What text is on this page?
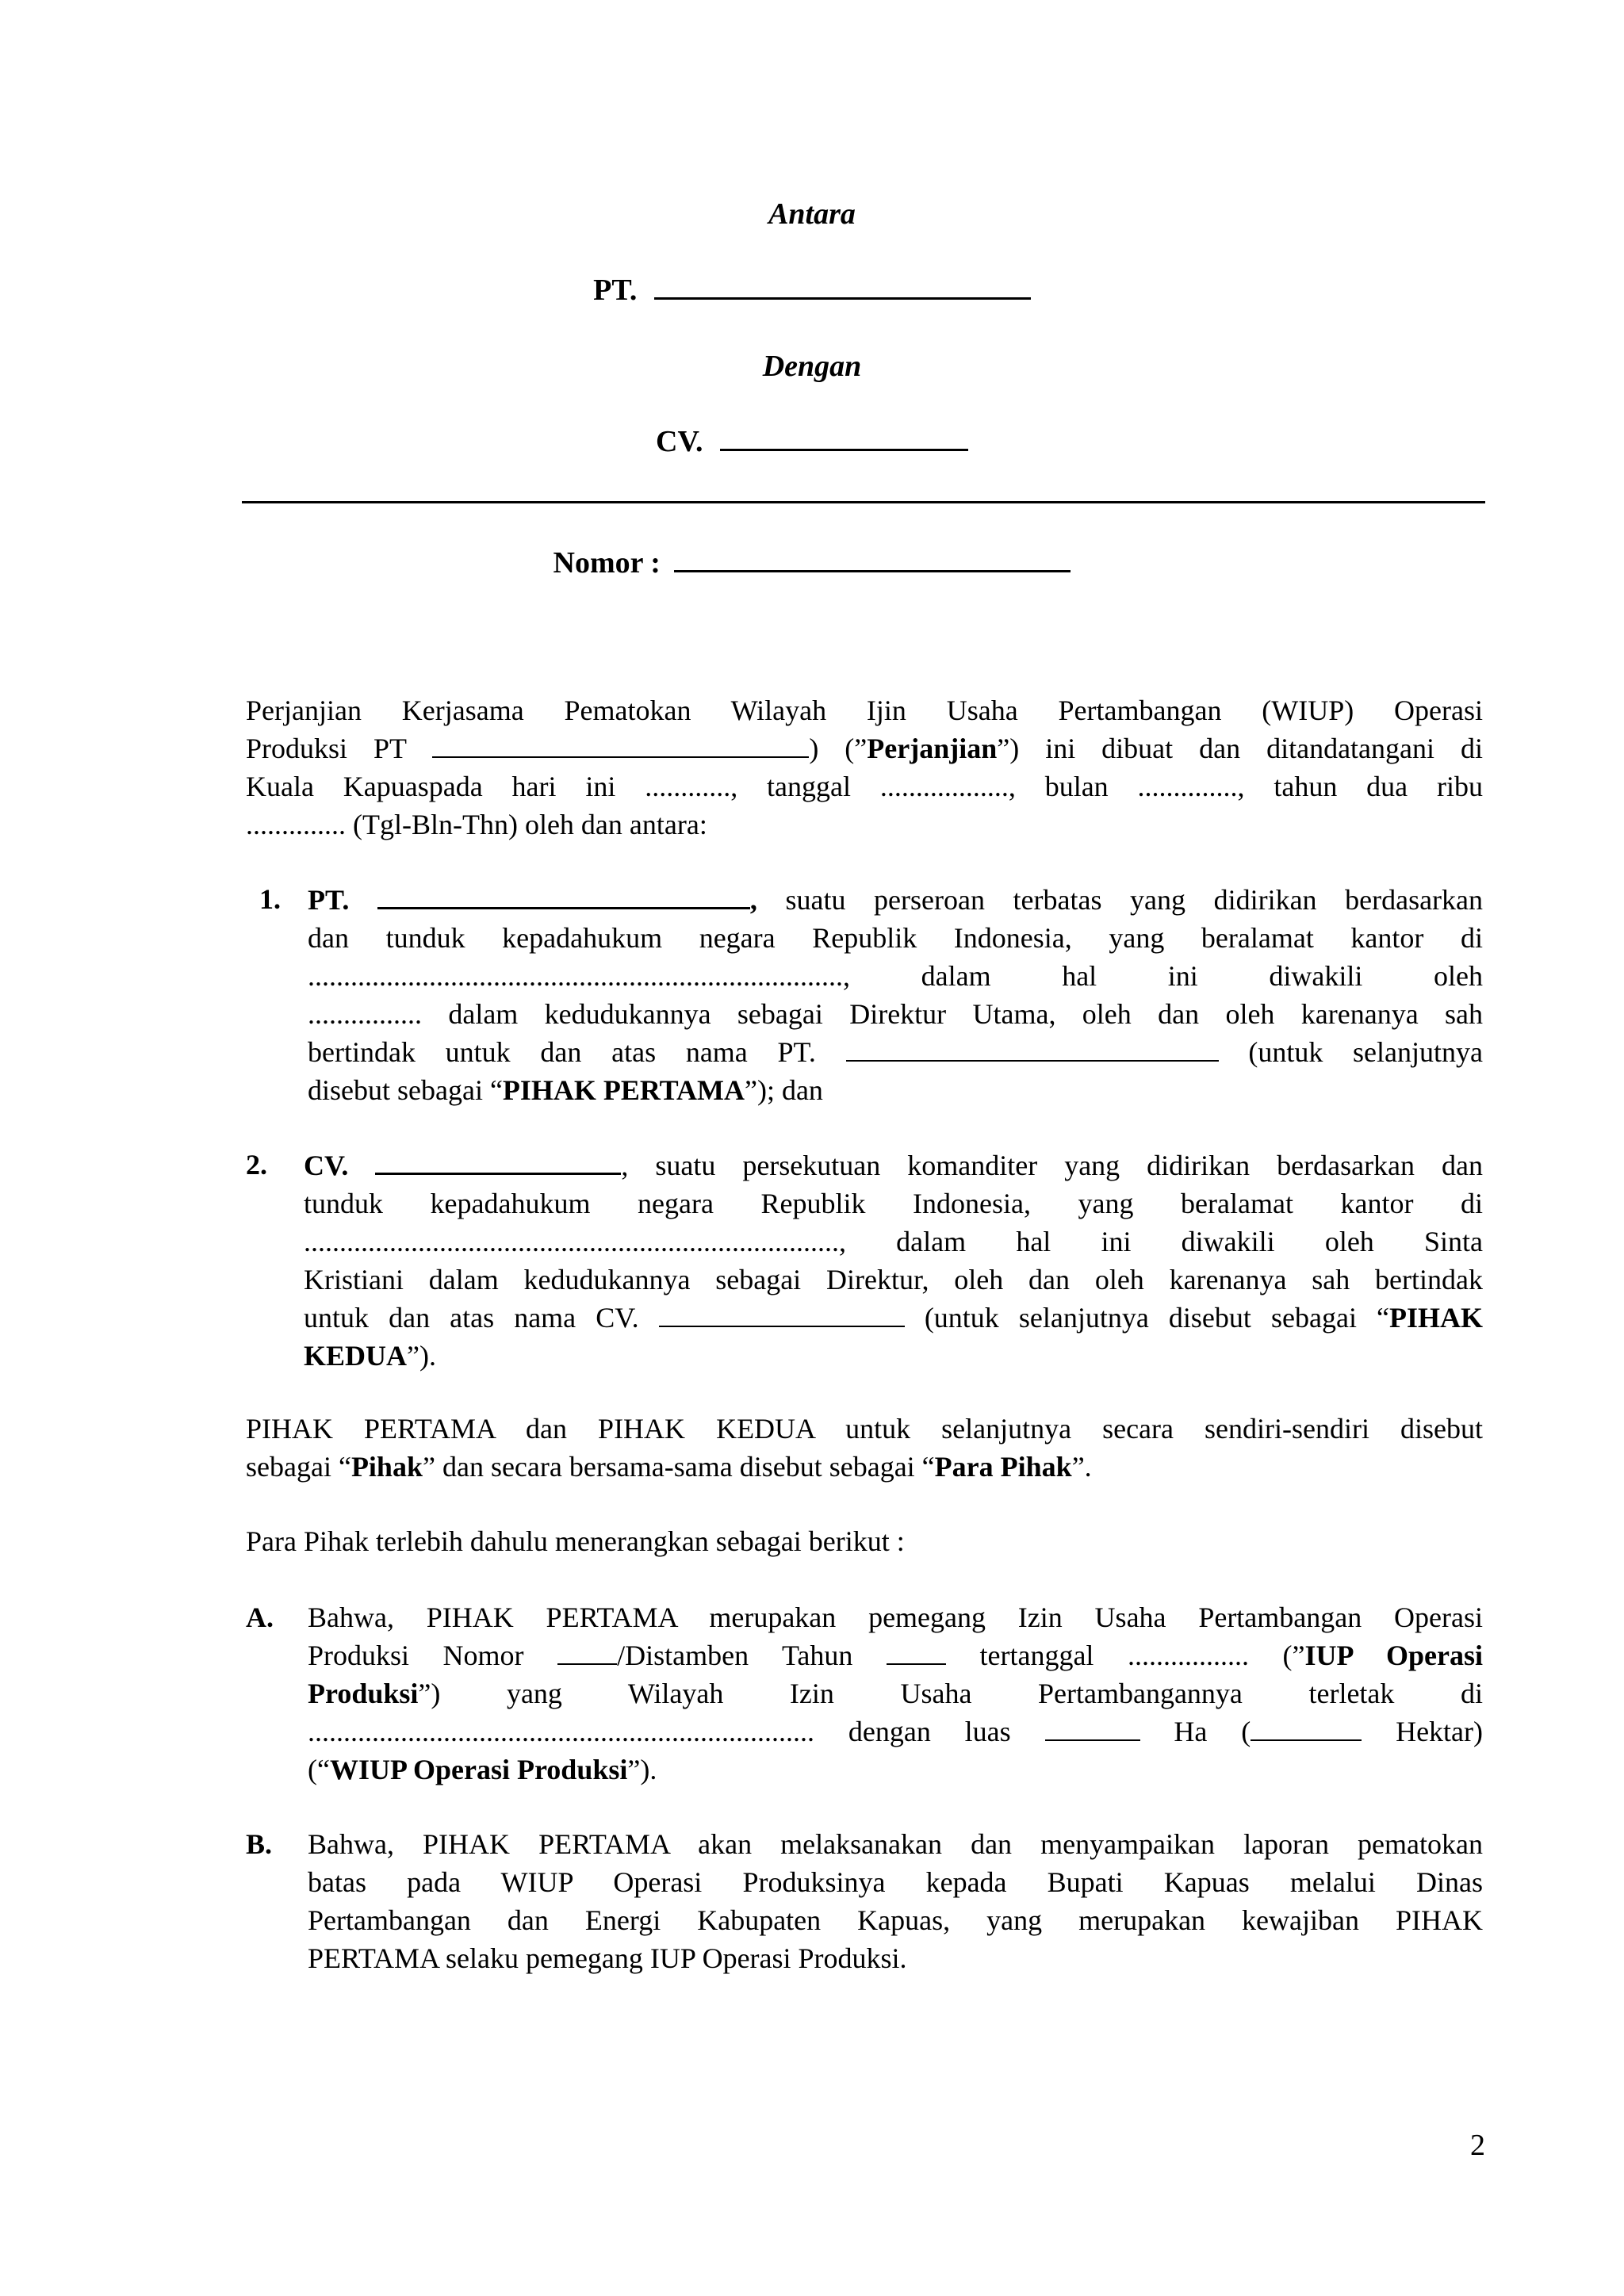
Antara
PT.
Dengan
CV.
Nomor :
Perjanjian Kerjasama Pematokan Wilayah Ijin Usaha Pertambangan (WIUP) Operasi
Produksi PT	) (”Perjanjian”) ini dibuat dan ditandatangani di
Kuala Kapuaspada hari ini ............, tanggal .................., bulan .............., tahun dua ribu
.............. (Tgl-Bln-Thn) oleh dan antara:
1. PT.	, suatu perseroan terbatas yang didirikan berdasarkan
dan tunduk kepadahukum negara Republik Indonesia, yang beralamat kantor di
..........................................................................., dalam hal ini diwakili oleh
................ dalam kedudukannya sebagai Direktur Utama, oleh dan oleh karenanya sah
bertindak untuk dan atas nama PT.	(untuk selanjutnya
disebut sebagai “PIHAK PERTAMA”); dan
2. CV.	, suatu persekutuan komanditer yang didirikan berdasarkan dan
tunduk kepadahukum negara Republik Indonesia, yang beralamat kantor di
..........................................................................., dalam hal ini diwakili oleh Sinta
Kristiani dalam kedudukannya sebagai Direktur, oleh dan oleh karenanya sah bertindak
untuk dan atas nama CV.	(untuk selanjutnya disebut sebagai “PIHAK
KEDUA”).
PIHAK PERTAMA dan PIHAK KEDUA untuk selanjutnya secara sendiri-sendiri disebut
sebagai “Pihak” dan secara bersama-sama disebut sebagai “Para Pihak”.
Para Pihak terlebih dahulu menerangkan sebagai berikut :
A. Bahwa, PIHAK PERTAMA merupakan pemegang Izin Usaha Pertambangan Operasi
Produksi Nomor	/Distamben Tahun	tertanggal ................. (”IUP Operasi
Produksi”) yang Wilayah Izin Usaha Pertambangannya terletak di
....................................................................... dengan luas	Ha (	Hektar)
(“WIUP Operasi Produksi”).
B. Bahwa, PIHAK PERTAMA akan melaksanakan dan menyampaikan laporan pematokan
batas pada WIUP Operasi Produksinya kepada Bupati Kapuas melalui Dinas
Pertambangan dan Energi Kabupaten Kapuas, yang merupakan kewajiban PIHAK
PERTAMA selaku pemegang IUP Operasi Produksi.
2
